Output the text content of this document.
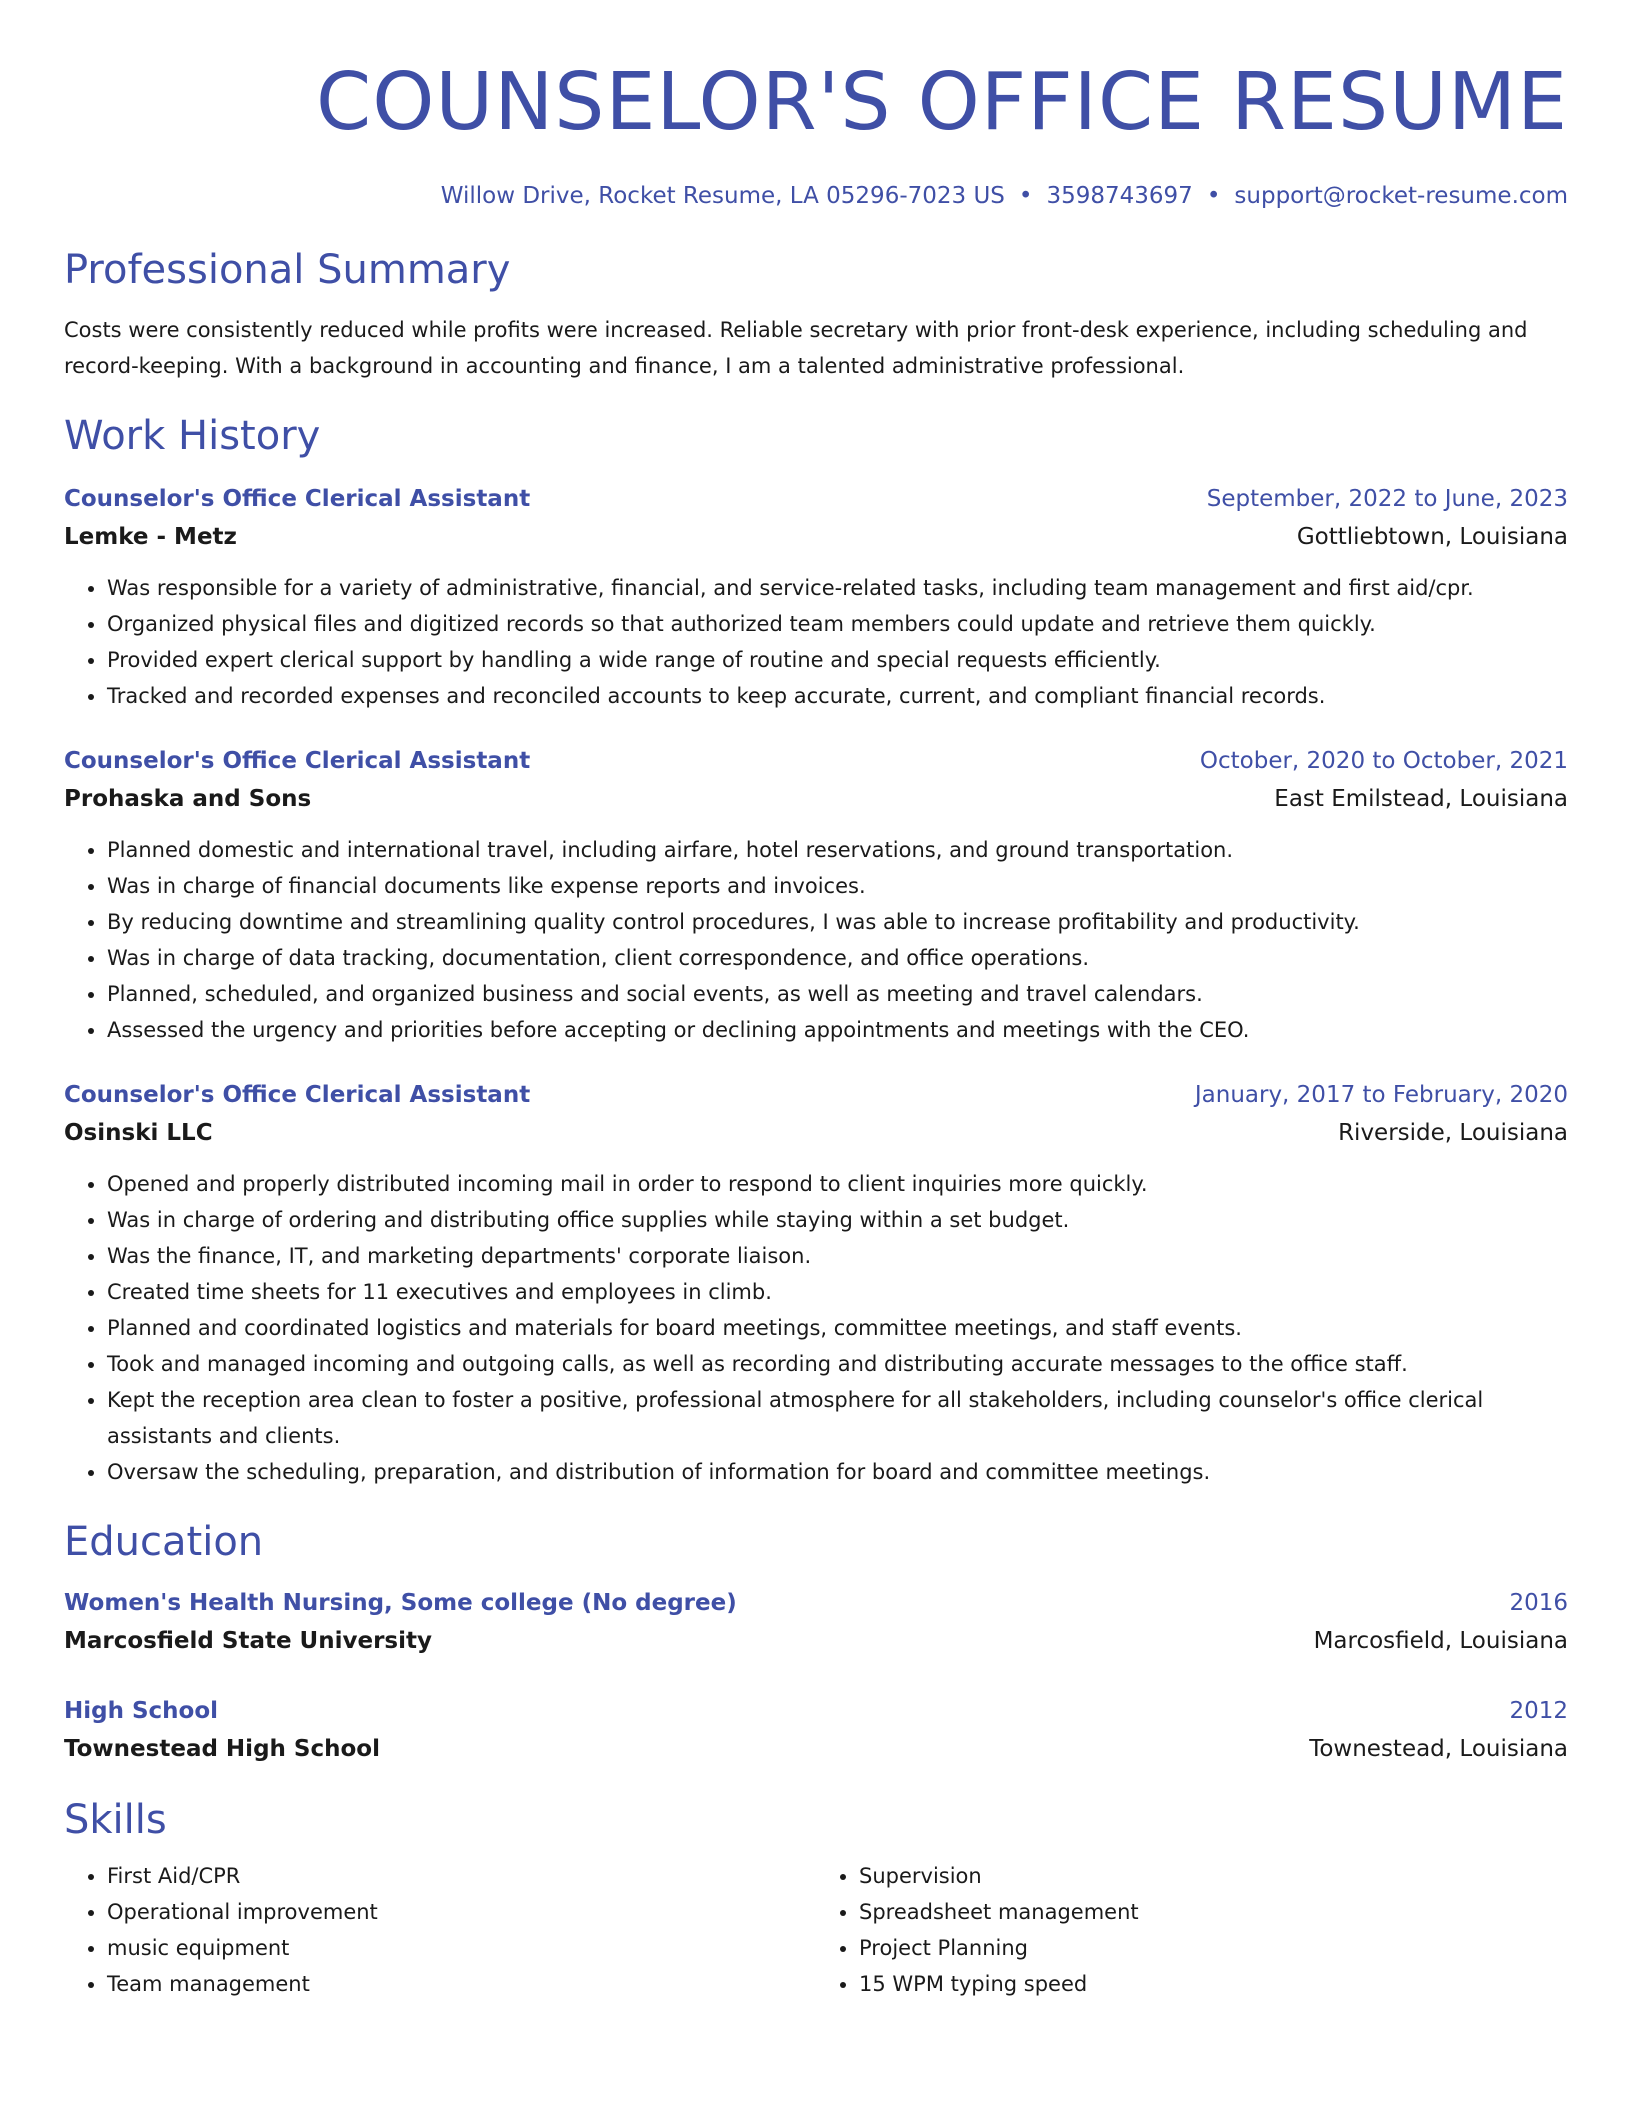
COUNSELOR'S OFFICE RESUME
Willow Drive, Rocket Resume, LA 05296-7023 US • 3598743697 • support@rocket-resume.com
Professional Summary
Costs were consistently reduced while profits were increased. Reliable secretary with prior front-desk experience, including scheduling and record-keeping. With a background in accounting and finance, I am a talented administrative professional.
Work History
Counselor's Office Clerical Assistant	September, 2022 to June, 2023
Lemke - Metz	Gottliebtown, Louisiana
• Was responsible for a variety of administrative, financial, and service-related tasks, including team management and first aid/cpr.
• Organized physical files and digitized records so that authorized team members could update and retrieve them quickly.
• Provided expert clerical support by handling a wide range of routine and special requests efficiently.
• Tracked and recorded expenses and reconciled accounts to keep accurate, current, and compliant financial records.
Counselor's Office Clerical Assistant	October, 2020 to October, 2021
Prohaska and Sons	East Emilstead, Louisiana
• Planned domestic and international travel, including airfare, hotel reservations, and ground transportation.
• Was in charge of financial documents like expense reports and invoices.
• By reducing downtime and streamlining quality control procedures, I was able to increase profitability and productivity.
• Was in charge of data tracking, documentation, client correspondence, and office operations.
• Planned, scheduled, and organized business and social events, as well as meeting and travel calendars.
• Assessed the urgency and priorities before accepting or declining appointments and meetings with the CEO.
Counselor's Office Clerical Assistant	January, 2017 to February, 2020
Osinski LLC	Riverside, Louisiana
• Opened and properly distributed incoming mail in order to respond to client inquiries more quickly.
• Was in charge of ordering and distributing office supplies while staying within a set budget.
• Was the finance, IT, and marketing departments' corporate liaison.
• Created time sheets for 11 executives and employees in climb.
• Planned and coordinated logistics and materials for board meetings, committee meetings, and staff events.
• Took and managed incoming and outgoing calls, as well as recording and distributing accurate messages to the office staff.
• Kept the reception area clean to foster a positive, professional atmosphere for all stakeholders, including counselor's office clerical assistants and clients.
• Oversaw the scheduling, preparation, and distribution of information for board and committee meetings.
Education
Women's Health Nursing, Some college (No degree)	2016
Marcosfield State University	Marcosfield, Louisiana
High School	2012
Townestead High School	Townestead, Louisiana
Skills
• First Aid/CPR
• Operational improvement
• music equipment
• Team management
• Supervision
• Spreadsheet management
• Project Planning
• 15 WPM typing speed
